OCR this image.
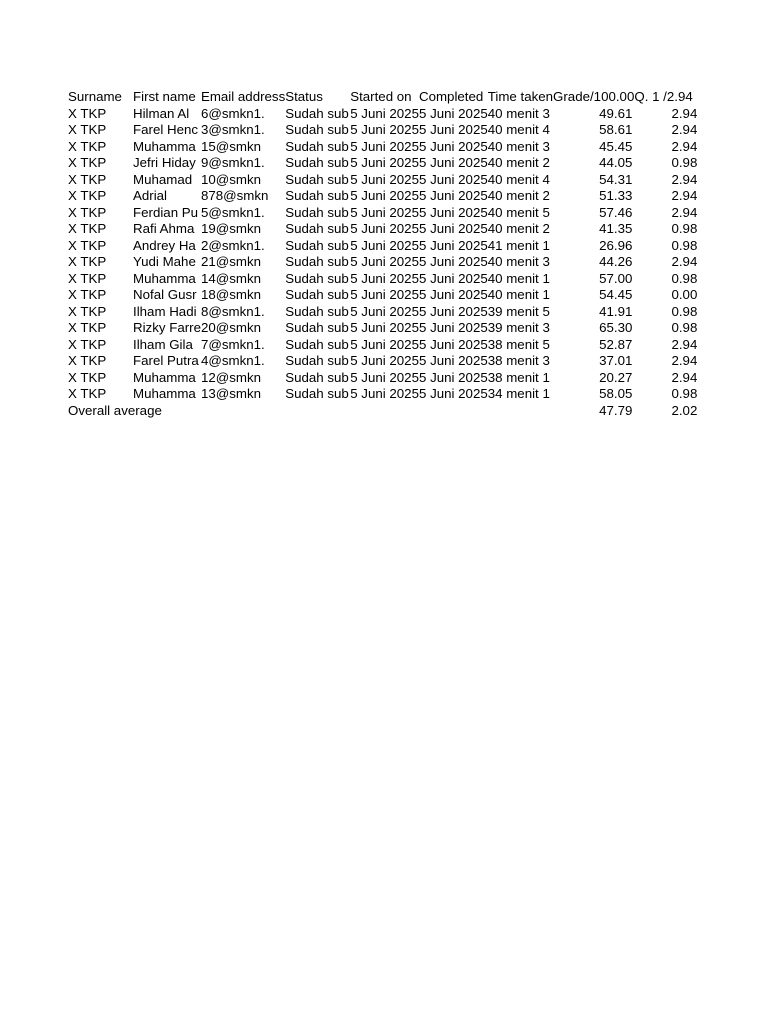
Surname	First name	Email address	Status	Started on	Completed	Time taken	Grade/100.00	Q. 1 /2.94
X TKP	Hilman Al	6@smkn1.	Sudah sub	5 Juni 2025	5 Juni 2025	40 menit 3	49.61	2.94
X TKP	Farel Henc	3@smkn1.	Sudah sub	5 Juni 2025	5 Juni 2025	40 menit 4	58.61	2.94
X TKP	Muhamma	15@smkn	Sudah sub	5 Juni 2025	5 Juni 2025	40 menit 3	45.45	2.94
X TKP	Jefri Hiday	9@smkn1.	Sudah sub	5 Juni 2025	5 Juni 2025	40 menit 2	44.05	0.98
X TKP	Muhamad	10@smkn	Sudah sub	5 Juni 2025	5 Juni 2025	40 menit 4	54.31	2.94
X TKP	Adrial	878@smkn	Sudah sub	5 Juni 2025	5 Juni 2025	40 menit 2	51.33	2.94
X TKP	Ferdian Pu	5@smkn1.	Sudah sub	5 Juni 2025	5 Juni 2025	40 menit 5	57.46	2.94
X TKP	Rafi Ahma	19@smkn	Sudah sub	5 Juni 2025	5 Juni 2025	40 menit 2	41.35	0.98
X TKP	Andrey Ha	2@smkn1.	Sudah sub	5 Juni 2025	5 Juni 2025	41 menit 1	26.96	0.98
X TKP	Yudi Mahe	21@smkn	Sudah sub	5 Juni 2025	5 Juni 2025	40 menit 3	44.26	2.94
X TKP	Muhamma	14@smkn	Sudah sub	5 Juni 2025	5 Juni 2025	40 menit 1	57.00	0.98
X TKP	Nofal Gusr	18@smkn	Sudah sub	5 Juni 2025	5 Juni 2025	40 menit 1	54.45	0.00
X TKP	Ilham Hadi	8@smkn1.	Sudah sub	5 Juni 2025	5 Juni 2025	39 menit 5	41.91	0.98
X TKP	Rizky Farre	20@smkn	Sudah sub	5 Juni 2025	5 Juni 2025	39 menit 3	65.30	0.98
X TKP	Ilham Gila	7@smkn1.	Sudah sub	5 Juni 2025	5 Juni 2025	38 menit 5	52.87	2.94
X TKP	Farel Putra	4@smkn1.	Sudah sub	5 Juni 2025	5 Juni 2025	38 menit 3	37.01	2.94
X TKP	Muhamma	12@smkn	Sudah sub	5 Juni 2025	5 Juni 2025	38 menit 1	20.27	2.94
X TKP	Muhamma	13@smkn	Sudah sub	5 Juni 2025	5 Juni 2025	34 menit 1	58.05	0.98
Overall average							47.79	2.02
